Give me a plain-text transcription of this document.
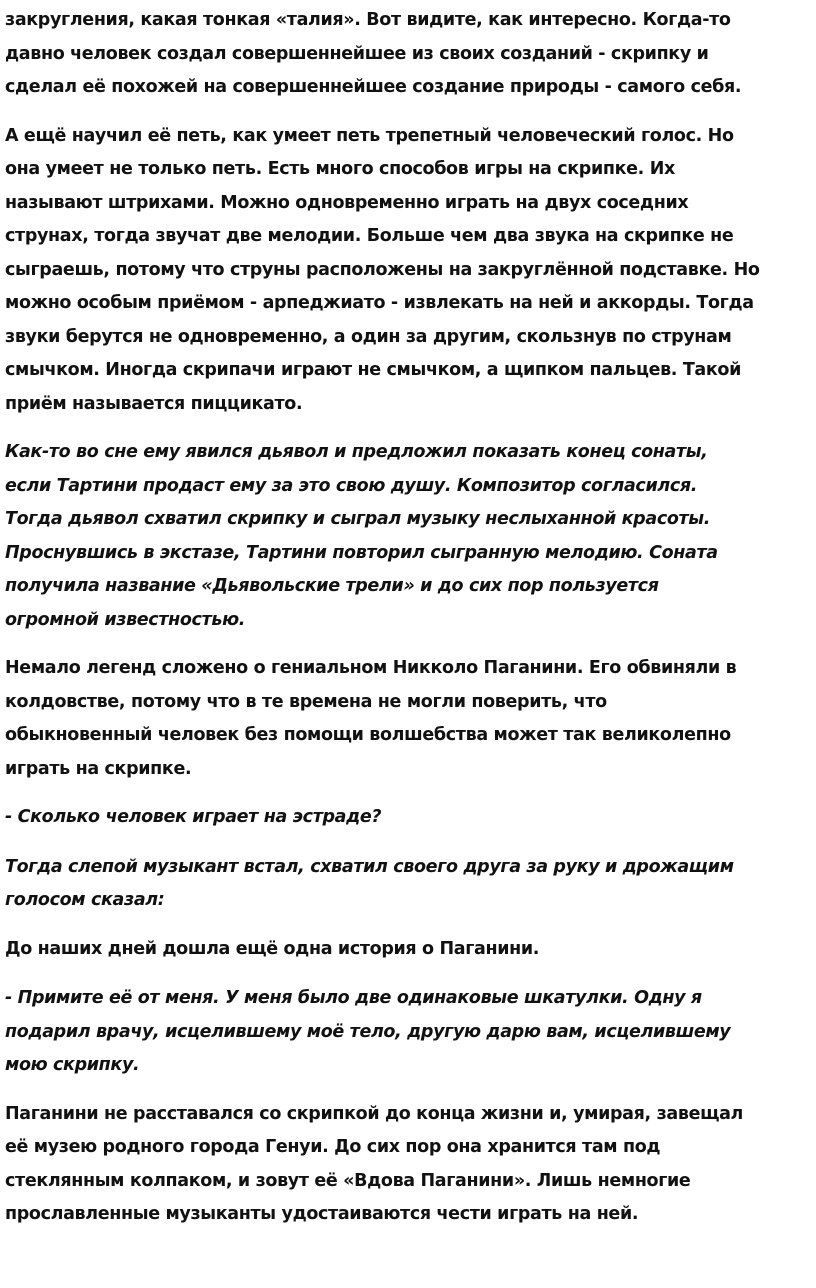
закругления, какая тонкая «талия». Вот видите, как интересно. Когда-то
давно человек создал совершеннейшее из своих созданий - скрипку и
сделал её похожей на совершеннейшее создание природы - самого себя.

А ещё научил её петь, как умеет петь трепетный человеческий голос. Но
она умеет не только петь. Есть много способов игры на скрипке. Их
называют штрихами. Можно одновременно играть на двух соседних
струнах, тогда звучат две мелодии. Больше чем два звука на скрипке не
сыграешь, потому что струны расположены на закруглённой подставке. Но
можно особым приёмом - арпеджиато - извлекать на ней и аккорды. Тогда
звуки берутся не одновременно, а один за другим, скользнув по струнам
смычком. Иногда скрипачи играют не смычком, а щипком пальцев. Такой
приём называется пиццикато.

Как-то во сне ему явился дьявол и предложил показать конец сонаты,
если Тартини продаст ему за это свою душу. Композитор согласился.
Тогда дьявол схватил скрипку и сыграл музыку неслыханной красоты.
Проснувшись в экстазе, Тартини повторил сыгранную мелодию. Соната
получила название «Дьявольские трели» и до сих пор пользуется
огромной известностью.

Немало легенд сложено о гениальном Никколо Паганини. Его обвиняли в
колдовстве, потому что в те времена не могли поверить, что
обыкновенный человек без помощи волшебства может так великолепно
играть на скрипке.

- Сколько человек играет на эстраде?

Тогда слепой музыкант встал, схватил своего друга за руку и дрожащим
голосом сказал:

До наших дней дошла ещё одна история о Паганини.

- Примите её от меня. У меня было две одинаковые шкатулки. Одну я
подарил врачу, исцелившему моё тело, другую дарю вам, исцелившему
мою скрипку.

Паганини не расставался со скрипкой до конца жизни и, умирая, завещал
её музею родного города Генуи. До сих пор она хранится там под
стеклянным колпаком, и зовут её «Вдова Паганини». Лишь немногие
прославленные музыканты удостаиваются чести играть на ней.
